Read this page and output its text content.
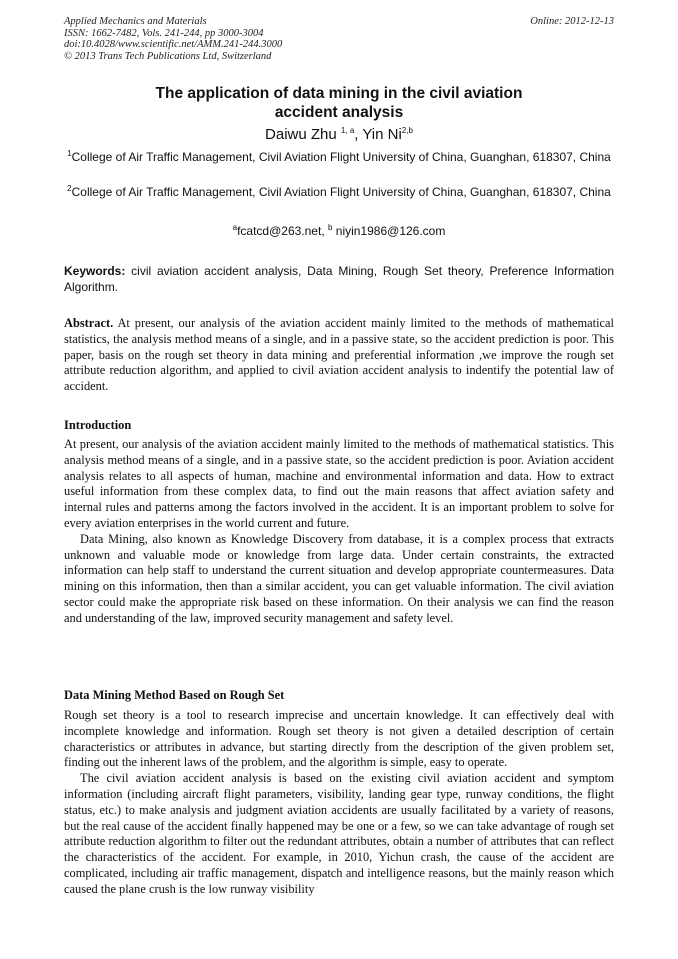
Applied Mechanics and Materials
ISSN: 1662-7482, Vols. 241-244, pp 3000-3004
doi:10.4028/www.scientific.net/AMM.241-244.3000
© 2013 Trans Tech Publications Ltd, Switzerland
Online: 2012-12-13
The application of data mining in the civil aviation
accident analysis
Daiwu Zhu $^{1, a}$, Yin Ni$^{2,b}$
$^1$College of Air Traffic Management, Civil Aviation Flight University of China, Guanghan, 618307, China
$^2$College of Air Traffic Management, Civil Aviation Flight University of China, Guanghan, 618307, China
$^a$fcatcd@263.net, $^b$ niyin1986@126.com
Keywords: civil aviation accident analysis, Data Mining, Rough Set theory, Preference Information Algorithm.
Abstract. At present, our analysis of the aviation accident mainly limited to the methods of mathematical statistics, the analysis method means of a single, and in a passive state, so the accident prediction is poor. This paper, basis on the rough set theory in data mining and preferential information ,we improve the rough set attribute reduction algorithm, and applied to civil aviation accident analysis to indentify the potential law of accident.
Introduction

At present, our analysis of the aviation accident mainly limited to the methods of mathematical statistics. This analysis method means of a single, and in a passive state, so the accident prediction is poor. Aviation accident analysis relates to all aspects of human, machine and environmental information and data. How to extract useful information from these complex data, to find out the main reasons that affect aviation safety and internal rules and patterns among the factors involved in the accident. It is an important problem to solve for every aviation enterprises in the world current and future.

Data Mining, also known as Knowledge Discovery from database, it is a complex process that extracts unknown and valuable mode or knowledge from large data. Under certain constraints, the extracted information can help staff to understand the current situation and develop appropriate countermeasures. Data mining on this information, then than a similar accident, you can get valuable information. The civil aviation sector could make the appropriate risk based on these information. On their analysis we can find the reason and understanding of the law, improved security management and safety level.

Data Mining Method Based on Rough Set

Rough set theory is a tool to research imprecise and uncertain knowledge. It can effectively deal with incomplete knowledge and information. Rough set theory is not given a detailed description of certain characteristics or attributes in advance, but starting directly from the description of the given problem set, finding out the inherent laws of the problem, and the algorithm is simple, easy to operate.

The civil aviation accident analysis is based on the existing civil aviation accident and symptom information (including aircraft flight parameters, visibility, landing gear type, runway conditions, the flight status, etc.) to make analysis and judgment aviation accidents are usually facilitated by a variety of reasons, but the real cause of the accident finally happened may be one or a few, so we can take advantage of rough set attribute reduction algorithm to filter out the redundant attributes, obtain a number of attributes that can reflect the characteristics of the accident. For example, in 2010, Yichun crash, the cause of the accident are complicated, including air traffic management, dispatch and intelligence reasons, but the mainly reason which caused the plane crush is the low runway visibility
